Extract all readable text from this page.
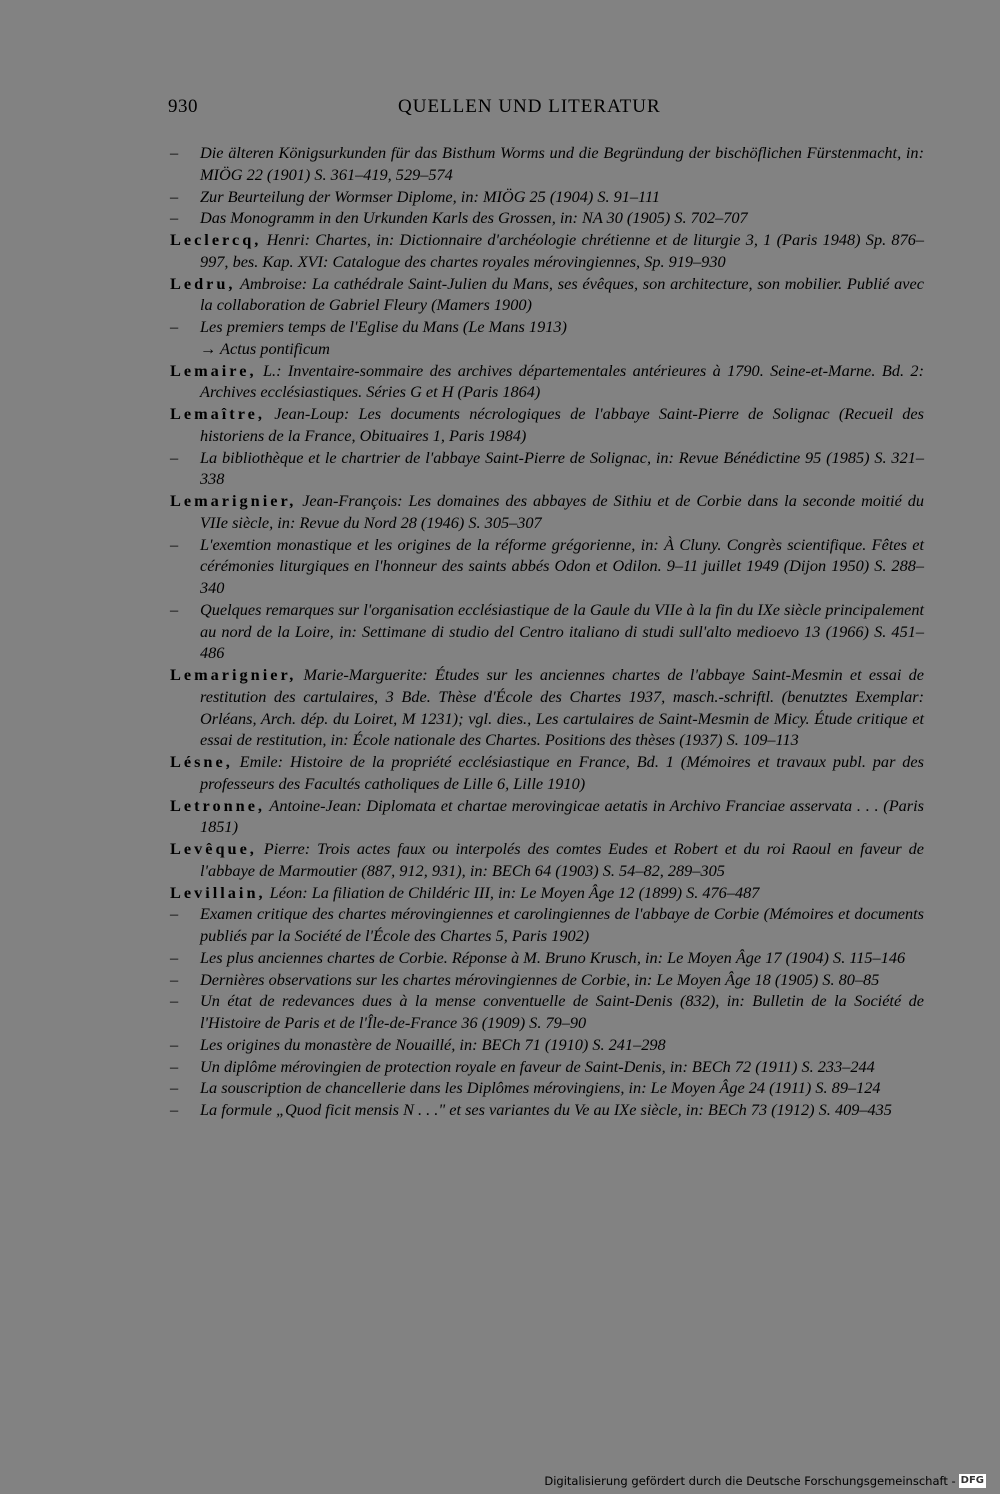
930	QUELLEN UND LITERATUR

– Die älteren Königsurkunden für das Bisthum Worms und die Begründung der bischöflichen Fürstenmacht, in: MIÖG 22 (1901) S. 361–419, 529–574

– Zur Beurteilung der Wormser Diplome, in: MIÖG 25 (1904) S. 91–111

– Das Monogramm in den Urkunden Karls des Grossen, in: NA 30 (1905) S. 702–707

Leclercq, Henri: Chartes, in: Dictionnaire d'archéologie chrétienne et de liturgie 3, 1 (Paris 1948) Sp. 876–997, bes. Kap. XVI: Catalogue des chartes royales mérovingiennes, Sp. 919–930

Ledru, Ambroise: La cathédrale Saint-Julien du Mans, ses évêques, son architecture, son mobilier. Publié avec la collaboration de Gabriel Fleury (Mamers 1900)

– Les premiers temps de l'Eglise du Mans (Le Mans 1913)

→ Actus pontificum

Lemaire, L.: Inventaire-sommaire des archives départementales antérieures à 1790. Seine-et-Marne. Bd. 2: Archives ecclésiastiques. Séries G et H (Paris 1864)

Lemaître, Jean-Loup: Les documents nécrologiques de l'abbaye Saint-Pierre de Solignac (Recueil des historiens de la France, Obituaires 1, Paris 1984)

– La bibliothèque et le chartrier de l'abbaye Saint-Pierre de Solignac, in: Revue Bénédictine 95 (1985) S. 321–338

Lemarignier, Jean-François: Les domaines des abbayes de Sithiu et de Corbie dans la seconde moitié du VIIe siècle, in: Revue du Nord 28 (1946) S. 305–307

– L'exemtion monastique et les origines de la réforme grégorienne, in: À Cluny. Congrès scientifique. Fêtes et cérémonies liturgiques en l'honneur des saints abbés Odon et Odilon. 9–11 juillet 1949 (Dijon 1950) S. 288–340

– Quelques remarques sur l'organisation ecclésiastique de la Gaule du VIIe à la fin du IXe siècle principalement au nord de la Loire, in: Settimane di studio del Centro italiano di studi sull'alto medioevo 13 (1966) S. 451–486

Lemarignier, Marie-Marguerite: Études sur les anciennes chartes de l'abbaye Saint-Mesmin et essai de restitution des cartulaires, 3 Bde. Thèse d'École des Chartes 1937, masch.-schriftl. (benutztes Exemplar: Orléans, Arch. dép. du Loiret, M 1231); vgl. dies., Les cartulaires de Saint-Mesmin de Micy. Étude critique et essai de restitution, in: École nationale des Chartes. Positions des thèses (1937) S. 109–113

Lésne, Emile: Histoire de la propriété ecclésiastique en France, Bd. 1 (Mémoires et travaux publ. par des professeurs des Facultés catholiques de Lille 6, Lille 1910)

Letronne, Antoine-Jean: Diplomata et chartae merovingicae aetatis in Archivo Franciae asservata . . . (Paris 1851)

Levêque, Pierre: Trois actes faux ou interpolés des comtes Eudes et Robert et du roi Raoul en faveur de l'abbaye de Marmoutier (887, 912, 931), in: BECh 64 (1903) S. 54–82, 289–305

Levillain, Léon: La filiation de Childéric III, in: Le Moyen Âge 12 (1899) S. 476–487

– Examen critique des chartes mérovingiennes et carolingiennes de l'abbaye de Corbie (Mémoires et documents publiés par la Société de l'École des Chartes 5, Paris 1902)

– Les plus anciennes chartes de Corbie. Réponse à M. Bruno Krusch, in: Le Moyen Âge 17 (1904) S. 115–146

– Dernières observations sur les chartes mérovingiennes de Corbie, in: Le Moyen Âge 18 (1905) S. 80–85

– Un état de redevances dues à la mense conventuelle de Saint-Denis (832), in: Bulletin de la Société de l'Histoire de Paris et de l'Île-de-France 36 (1909) S. 79–90

– Les origines du monastère de Nouaillé, in: BECh 71 (1910) S. 241–298

– Un diplôme mérovingien de protection royale en faveur de Saint-Denis, in: BECh 72 (1911) S. 233–244

– La souscription de chancellerie dans les Diplômes mérovingiens, in: Le Moyen Âge 24 (1911) S. 89–124

– La formule „Quod ficit mensis N . . ." et ses variantes du Ve au IXe siècle, in: BECh 73 (1912) S. 409–435

Digitalisierung gefördert durch die Deutsche Forschungsgemeinschaft - DFG
